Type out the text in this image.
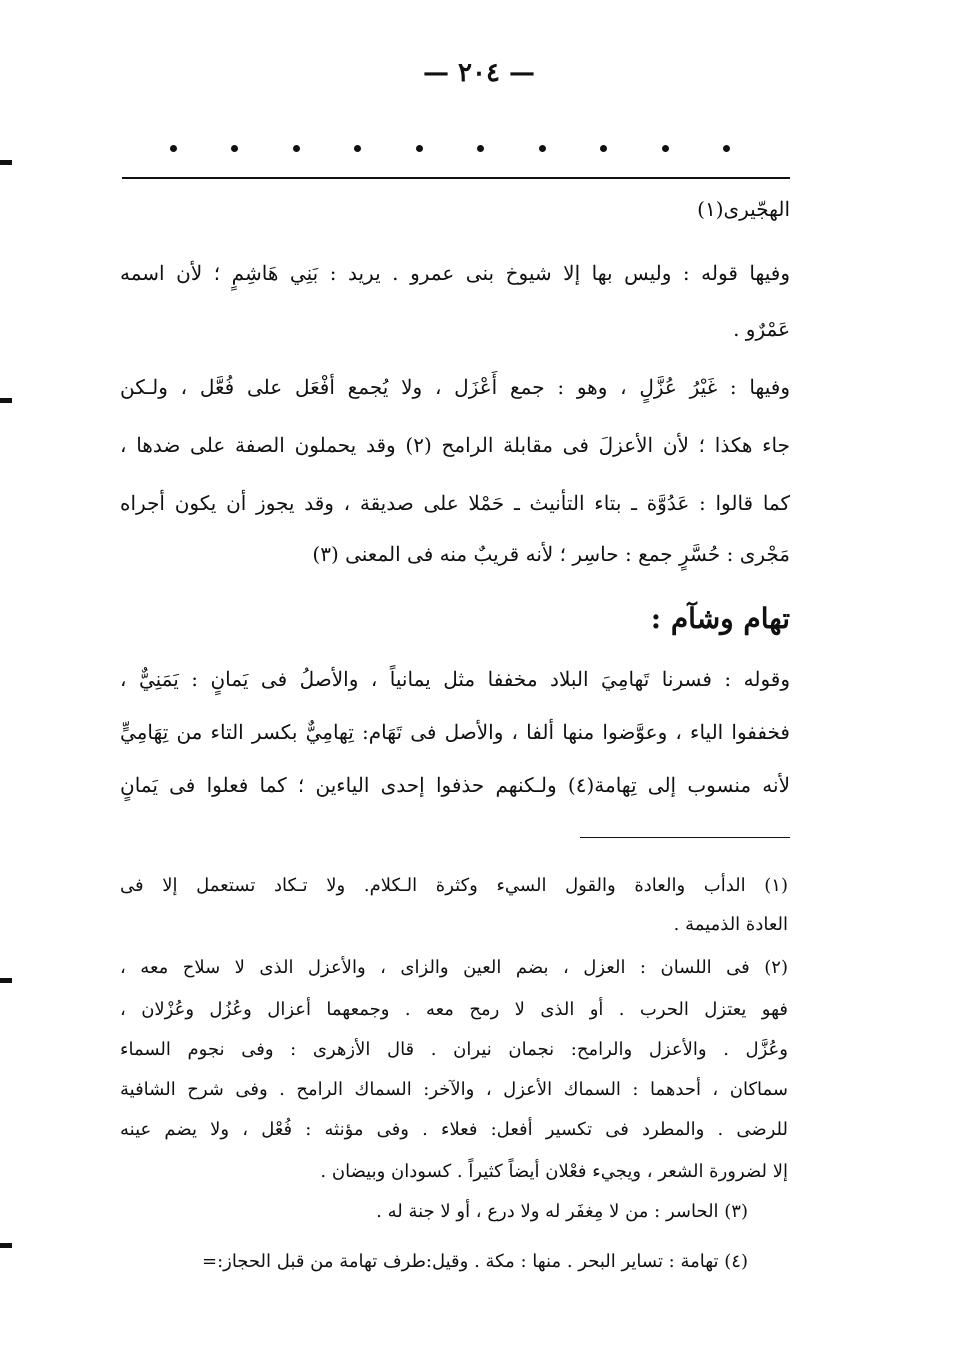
— ٢٠٤ —
الهجّيرى(١)
وفيها قوله : وليس بها إلا شيوخ بنى عمرو . يريد : بَنِي هَاشِمٍ ؛ لأن اسمه
عَمْرٌو .
وفيها : غَيْرُ عُزَّلٍ ، وهو : جمع أَعْزَل ، ولا يُجمع أفْعَل على فُعَّل ، ولـكن
جاء هكذا ؛ لأن الأعزلَ فى مقابلة الرامح (٢) وقد يحملون الصفة على ضدها ،
كما قالوا : عَدُوَّة ـ بتاء التأنيث ـ حَمْلا على صديقة ، وقد يجوز أن يكون أجراه
مَجْرى : حُسَّرٍ جمع : حاسِر ؛ لأنه قريبٌ منه فى المعنى (٣)
وقوله : فسرنا تَهامِيَ البلاد مخففا مثل يمانياً ، والأصلُ فى يَمانٍ : يَمَنِيٌّ ،
فخففوا الياء ، وعوَّضوا منها ألفا ، والأصل فى تَهَام: تِهامِيٌّ بكسر التاء من تِهَامِيٍّ
لأنه منسوب إلى تِهامة(٤) ولـكنهم حذفوا إحدى الياءين ؛ كما فعلوا فى يَمانٍ
تهام وشآم :
(١) الدأب والعادة والقول السيء وكثرة الـكلام. ولا تـكاد تستعمل إلا فى
العادة الذميمة .
(٢) فى اللسان : العزل ، بضم العين والزاى ، والأعزل الذى لا سلاح معه ،
فهو يعتزل الحرب . أو الذى لا رمح معه . وجمعهما أعزال وعُزُل وعُزْلان ،
وعُزَّل . والأعزل والرامح: نجمان نيران . قال الأزهرى : وفى نجوم السماء
سماكان ، أحدهما : السماك الأعزل ، والآخر: السماك الرامح . وفى شرح الشافية
للرضى . والمطرد فى تكسير أفعل: فعلاء . وفى مؤنثه : فُعْل ، ولا يضم عينه
إلا لضرورة الشعر ، ويجيء فعْلان أيضاً كثيراً . كسودان وبيضان .
(٣) الحاسر : من لا مِغفَر له ولا درع ، أو لا جنة له .
(٤) تهامة : تساير البحر . منها : مكة . وقيل:طرف تهامة من قبل الحجاز:=
